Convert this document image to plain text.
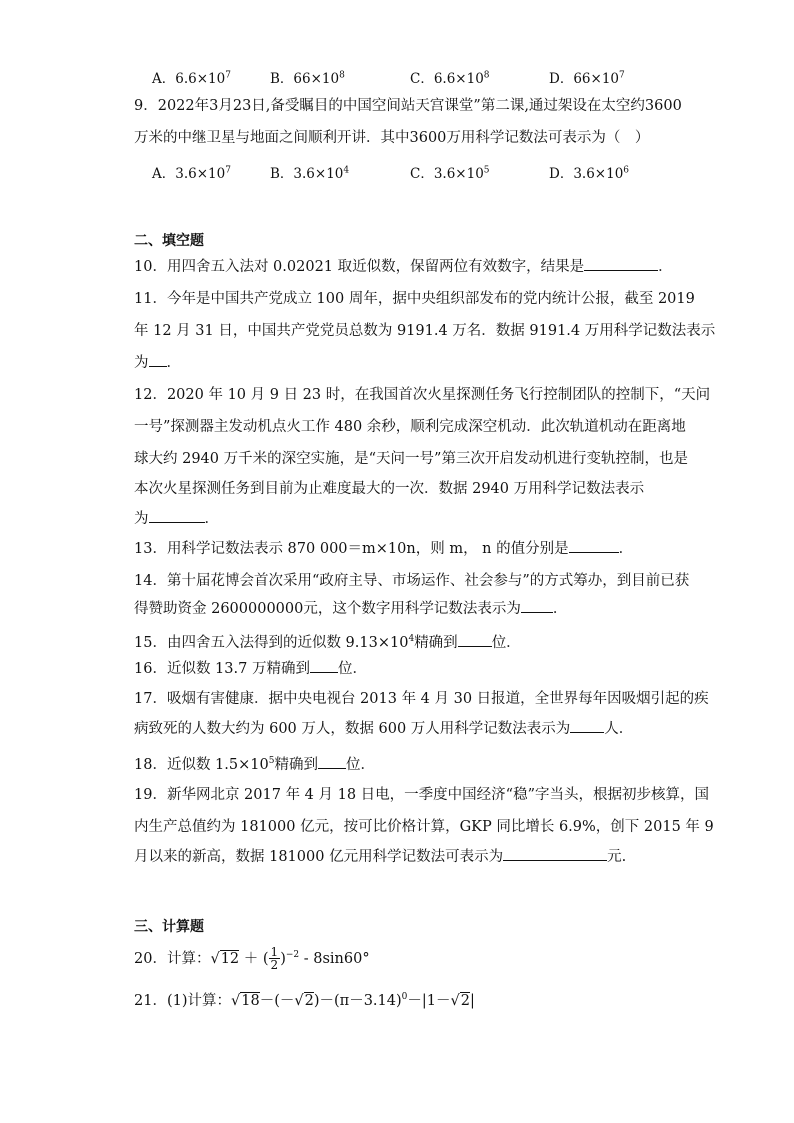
A．$6.6\times 10^7$	B．$66\times 10^8$	C．$6.6\times 10^8$	D．$66\times 10^7$
9．2022年3月23日,备受瞩目的中国空间站天宫课堂”第二课,通过架设在太空约3600
万米的中继卫星与地面之间顺利开讲．其中3600万用科学记数法可表示为（　）
A．$3.6\times 10^7$	B．$3.6\times 10^4$	C．$3.6\times 10^5$	D．$3.6\times 10^6$
二、填空题
10．用四舍五入法对 0.02021 取近似数，保留两位有效数字，结果是	．
11．今年是中国共产党成立 100 周年，据中央组织部发布的党内统计公报，截至 2019
年 12 月 31 日，中国共产党党员总数为 9191.4 万名．数据 9191.4 万用科学记数法表示
为 ．
12．2020 年 10 月 9 日 23 时，在我国首次火星探测任务飞行控制团队的控制下，“天问
一号”探测器主发动机点火工作 480 余秒，顺利完成深空机动．此次轨道机动在距离地
球大约 2940 万千米的深空实施，是“天问一号”第三次开启发动机进行变轨控制，也是
本次火星探测任务到目前为止难度最大的一次．数据 2940 万用科学记数法表示
为	．
13．用科学记数法表示 870 000＝m×10n，则 m， n 的值分别是	．
14．第十届花博会首次采用“政府主导、市场运作、社会参与”的方式筹办，到目前已获
得赞助资金 2600000000元，这个数字用科学记数法表示为 ．
15．由四舍五入法得到的近似数 $9.13\times 10^4$精确到 位．
16．近似数 13.7 万精确到 位．
17．吸烟有害健康．据中央电视台 2013 年 4 月 30 日报道，全世界每年因吸烟引起的疾
病致死的人数大约为 600 万人，数据 600 万人用科学记数法表示为 人．
18．近似数 $1.5\times 10^5$精确到 位．
19．新华网北京 2017 年 4 月 18 日电，一季度中国经济“稳”字当头，根据初步核算，国
内生产总值约为 181000 亿元，按可比价格计算，GKP 同比增长 6.9%，创下 2015 年 9
月以来的新高，数据 181000 亿元用科学记数法可表示为	元.
三、计算题
20．计算：√12 ＋ ( $\frac{1}{2} )^{-2} - 8\sin 60^\circ$
21．(1)计算：$√18-(-√2)-(\pi-3.14)^0-|1-√2|$
